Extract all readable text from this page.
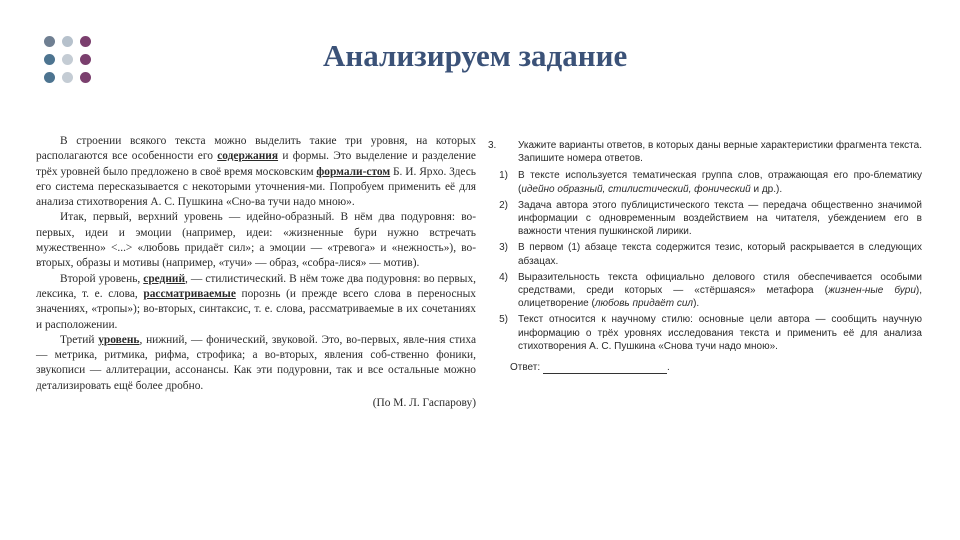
Анализируем задание

В строении всякого текста можно выделить такие три уровня, на которых располагаются все особенности его содержания и формы. Это выделение и разделение трёх уровней было предложено в своё время московским формали-стом Б. И. Ярхо. Здесь его система пересказывается с некоторыми уточнения-ми. Попробуем применить её для анализа стихотворения А. С. Пушкина «Сно-ва тучи надо мною».

Итак, первый, верхний уровень — идейно-образный. В нём два подуровня: во-первых, идеи и эмоции (например, идеи: «жизненные бури нужно встречать мужественно» <...> «любовь придаёт сил»; а эмоции — «тревога» и «нежность»), во-вторых, образы и мотивы (например, «тучи» — образ, «собра-лися» — мотив).

Второй уровень, средний, — стилистический. В нём тоже два подуровня: во первых, лексика, т. е. слова, рассматриваемые порознь (и прежде всего слова в переносных значениях, «тропы»); во-вторых, синтаксис, т. е. слова, рассматриваемые в их сочетаниях и расположении.

Третий уровень, нижний, — фонический, звуковой. Это, во-первых, явле-ния стиха — метрика, ритмика, рифма, строфика; а во-вторых, явления соб-ственно фоники, звукописи — аллитерации, ассонансы. Как эти подуровни, так и все остальные можно детализировать ещё более дробно.

(По М. Л. Гаспарову)

3.	Укажите варианты ответов, в которых даны верные характеристики фрагмента текста. Запишите номера ответов.
1)	В тексте используется тематическая группа слов, отражающая его про-блематику (идейно образный, стилистический, фонический и др.).
2)	Задача автора этого публицистического текста — передача общественно значимой информации с одновременным воздействием на читателя, убеждением его в важности чтения пушкинской лирики.
3)	В первом (1) абзаце текста содержится тезис, который раскрывается в следующих абзацах.
4)	Выразительность текста официально делового стиля обеспечивается особыми средствами, среди которых — «стёршаяся» метафора (жизнен-ные бури), олицетворение (любовь придаёт сил).
5)	Текст относится к научному стилю: основные цели автора — сообщить научную информацию о трёх уровнях исследования текста и применить её для анализа стихотворения А. С. Пушкина «Снова тучи надо мною».
Ответ:	.
